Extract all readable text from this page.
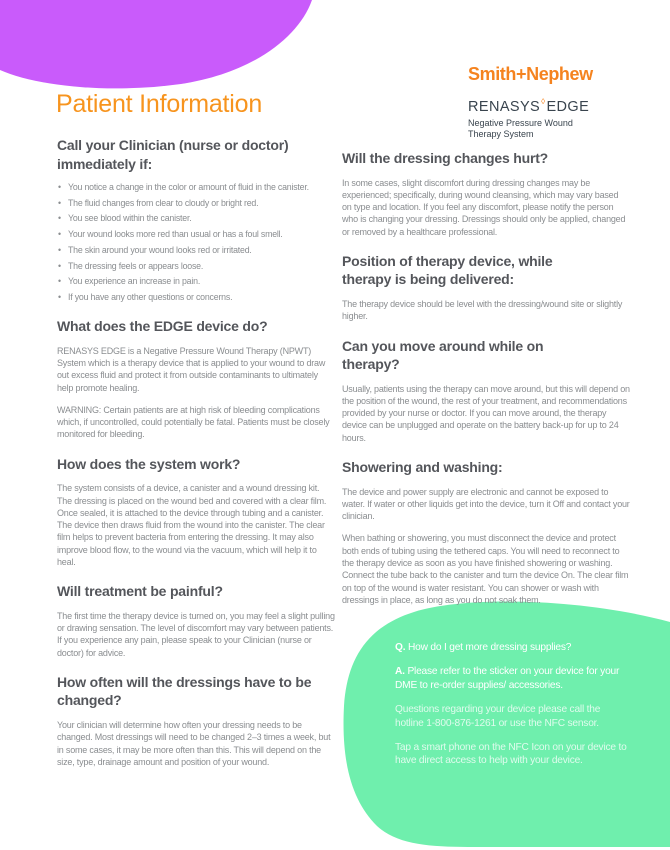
Patient Information
Smith+Nephew
RENASYS◊EDGE
Negative Pressure Wound
Therapy System
Call your Clinician (nurse or doctor) immediately if:
• You notice a change in the color or amount of fluid in the canister.
• The fluid changes from clear to cloudy or bright red.
• You see blood within the canister.
• Your wound looks more red than usual or has a foul smell.
• The skin around your wound looks red or irritated.
• The dressing feels or appears loose.
• You experience an increase in pain.
• If you have any other questions or concerns.
What does the EDGE device do?

RENASYS EDGE is a Negative Pressure Wound Therapy (NPWT) System which is a therapy device that is applied to your wound to draw out excess fluid and protect it from outside contaminants to ultimately help promote healing.

WARNING: Certain patients are at high risk of bleeding complications which, if uncontrolled, could potentially be fatal. Patients must be closely monitored for bleeding.

How does the system work?

The system consists of a device, a canister and a wound dressing kit. The dressing is placed on the wound bed and covered with a clear film. Once sealed, it is attached to the device through tubing and a canister. The device then draws fluid from the wound into the canister. The clear film helps to prevent bacteria from entering the dressing. It may also improve blood flow, to the wound via the vacuum, which will help it to heal.

Will treatment be painful?

The first time the therapy device is turned on, you may feel a slight pulling or drawing sensation. The level of discomfort may vary between patients. If you experience any pain, please speak to your Clinician (nurse or doctor) for advice.

How often will the dressings have to be changed?

Your clinician will determine how often your dressing needs to be changed. Most dressings will need to be changed 2–3 times a week, but in some cases, it may be more often than this. This will depend on the size, type, drainage amount and position of your wound.

Will the dressing changes hurt?

In some cases, slight discomfort during dressing changes may be experienced; specifically, during wound cleansing, which may vary based on type and location. If you feel any discomfort, please notify the person who is changing your dressing. Dressings should only be applied, changed or removed by a healthcare professional.

Position of therapy device, while therapy is being delivered:

The therapy device should be level with the dressing/wound site or slightly higher.

Can you move around while on therapy?

Usually, patients using the therapy can move around, but this will depend on the position of the wound, the rest of your treatment, and recommendations provided by your nurse or doctor. If you can move around, the therapy device can be unplugged and operate on the battery back-up for up to 24 hours.

Showering and washing:

The device and power supply are electronic and cannot be exposed to water. If water or other liquids get into the device, turn it Off and contact your clinician.

When bathing or showering, you must disconnect the device and protect both ends of tubing using the tethered caps. You will need to reconnect to the therapy device as soon as you have finished showering or washing. Connect the tube back to the canister and turn the device On. The clear film on top of the wound is water resistant. You can shower or wash with dressings in place, as long as you do not soak them.

Q. How do I get more dressing supplies?

A. Please refer to the sticker on your device for your DME to re-order supplies/ accessories.

Questions regarding your device please call the hotline 1-800-876-1261 or use the NFC sensor.

Tap a smart phone on the NFC Icon on your device to have direct access to help with your device.
